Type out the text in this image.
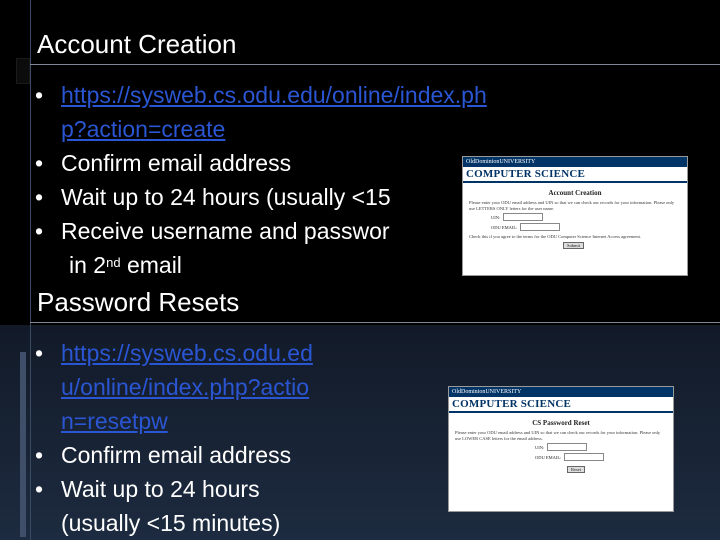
Account Creation
• https://sysweb.cs.odu.edu/online/index.ph
p?action=create
• Confirm email address
• Wait up to 24 hours (usually <15
• Receive username and passwor
in 2nd email
OldDominionUNIVERSITY
COMPUTER SCIENCE
Account Creation
Please enter your ODU email address and UIN so that we can check our records for your information. Please only use LETTERS ONLY letters for the user name.
UIN:
ODU EMAIL:
Check this if you agree to the terms for the ODU Computer Science Internet Access agreement.
Submit
Password Resets
• https://sysweb.cs.odu.ed
u/online/index.php?actio
n=resetpw
• Confirm email address
• Wait up to 24 hours
(usually <15 minutes)
OldDominionUNIVERSITY
COMPUTER SCIENCE
CS Password Reset
Please enter your ODU email address and UIN so that we can check our records for your information. Please only use LOWER CASE letters for the email address.
UIN:
ODU EMAIL:
Reset
